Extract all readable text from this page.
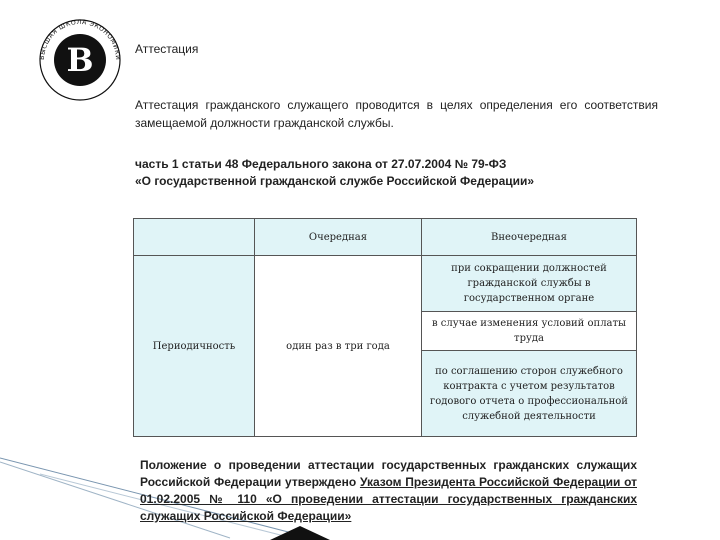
ВЫСШАЯ ШКОЛА ЭКОНОМИКИ
В	Аттестация
Аттестация гражданского служащего проводится в целях определения его соответствия замещаемой должности гражданской службы.
часть 1 статьи 48 Федерального закона от 27.07.2004 № 79-ФЗ
«О государственной гражданской службе Российской Федерации»
	Очередная	Внеочередная
Периодичность	один раз в три года	при сокращении должностей гражданской службы в государственном органе
		в случае изменения условий оплаты труда
		по соглашению сторон служебного контракта с учетом результатов годового отчета о профессиональной служебной деятельности
Положение о проведении аттестации государственных гражданских служащих Российской Федерации утверждено Указом Президента Российской Федерации от 01.02.2005 № 110 «О проведении аттестации государственных гражданских служащих Российской Федерации»
